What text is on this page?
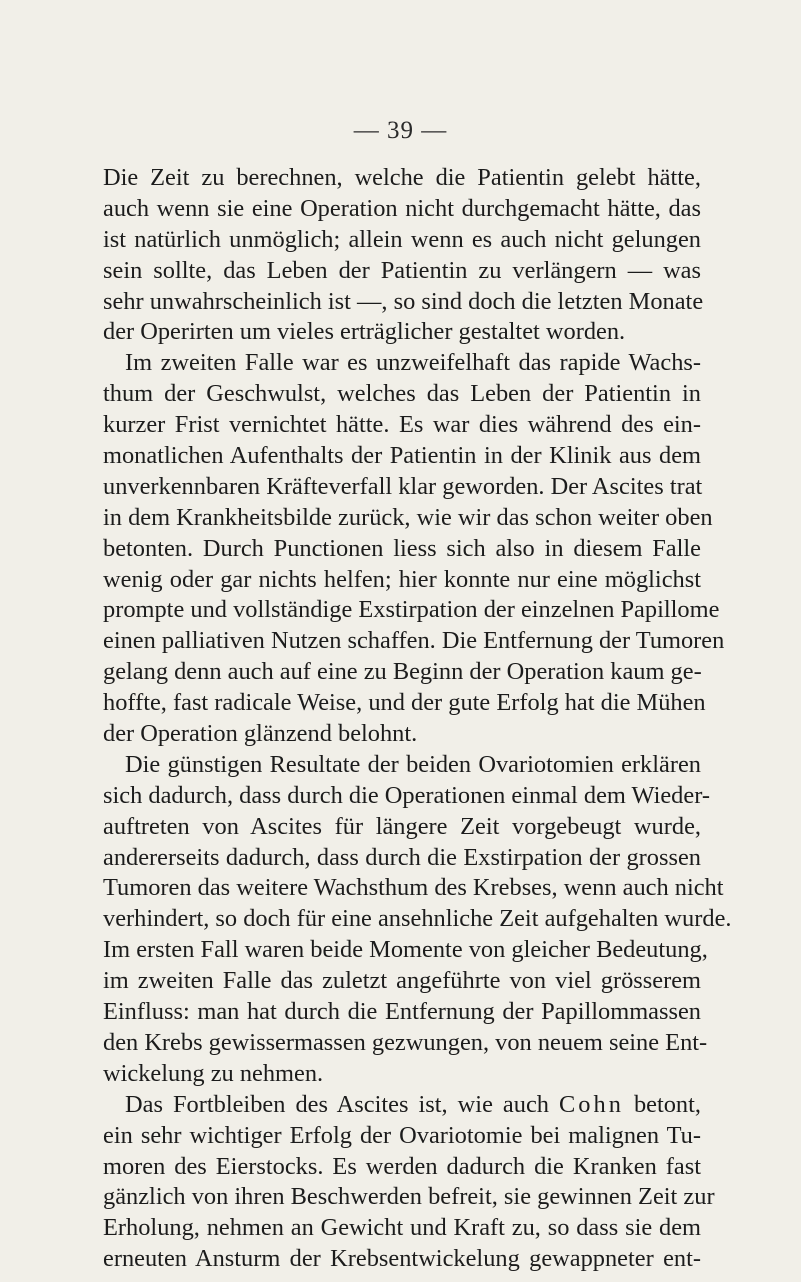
— 39 —
Die Zeit zu berechnen, welche die Patientin gelebt hätte,
auch wenn sie eine Operation nicht durchgemacht hätte, das
ist natürlich unmöglich; allein wenn es auch nicht gelungen
sein sollte, das Leben der Patientin zu verlängern — was
sehr unwahrscheinlich ist —, so sind doch die letzten Monate
der Operirten um vieles erträglicher gestaltet worden.
Im zweiten Falle war es unzweifelhaft das rapide Wachs-
thum der Geschwulst, welches das Leben der Patientin in
kurzer Frist vernichtet hätte. Es war dies während des ein-
monatlichen Aufenthalts der Patientin in der Klinik aus dem
unverkennbaren Kräfteverfall klar geworden. Der Ascites trat
in dem Krankheitsbilde zurück, wie wir das schon weiter oben
betonten. Durch Punctionen liess sich also in diesem Falle
wenig oder gar nichts helfen; hier konnte nur eine möglichst
prompte und vollständige Exstirpation der einzelnen Papillome
einen palliativen Nutzen schaffen. Die Entfernung der Tumoren
gelang denn auch auf eine zu Beginn der Operation kaum ge-
hoffte, fast radicale Weise, und der gute Erfolg hat die Mühen
der Operation glänzend belohnt.
Die günstigen Resultate der beiden Ovariotomien erklären
sich dadurch, dass durch die Operationen einmal dem Wieder-
auftreten von Ascites für längere Zeit vorgebeugt wurde,
andererseits dadurch, dass durch die Exstirpation der grossen
Tumoren das weitere Wachsthum des Krebses, wenn auch nicht
verhindert, so doch für eine ansehnliche Zeit aufgehalten wurde.
Im ersten Fall waren beide Momente von gleicher Bedeutung,
im zweiten Falle das zuletzt angeführte von viel grösserem
Einfluss: man hat durch die Entfernung der Papillommassen
den Krebs gewissermassen gezwungen, von neuem seine Ent-
wickelung zu nehmen.
Das Fortbleiben des Ascites ist, wie auch Cohn betont,
ein sehr wichtiger Erfolg der Ovariotomie bei malignen Tu-
moren des Eierstocks. Es werden dadurch die Kranken fast
gänzlich von ihren Beschwerden befreit, sie gewinnen Zeit zur
Erholung, nehmen an Gewicht und Kraft zu, so dass sie dem
erneuten Ansturm der Krebsentwickelung gewappneter ent-
